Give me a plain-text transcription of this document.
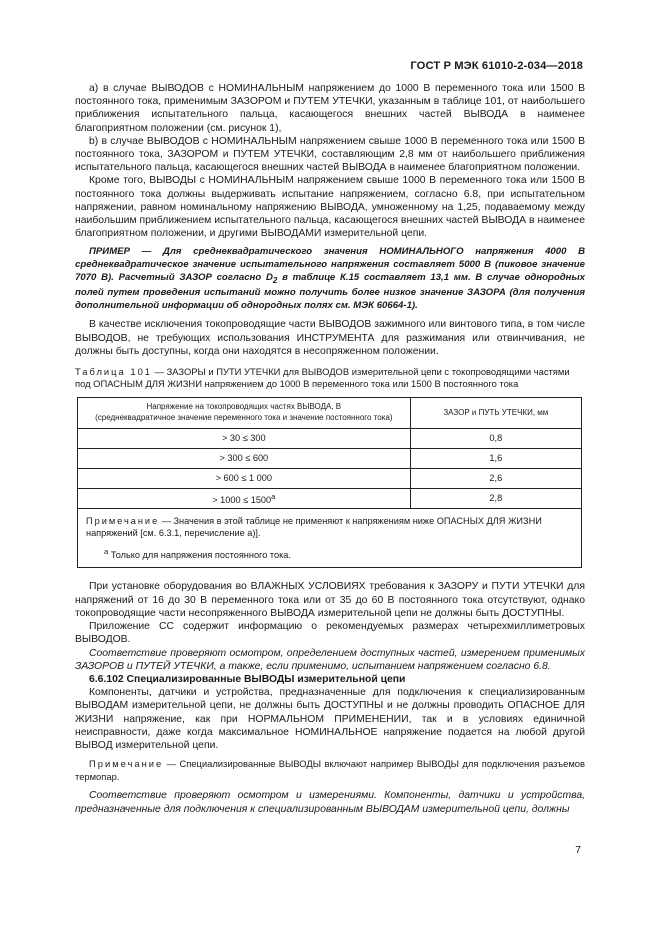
ГОСТ Р МЭК 61010-2-034—2018

а) в случае ВЫВОДОВ с НОМИНАЛЬНЫМ напряжением до 1000 В переменного тока или 1500 В постоянного тока, применимым ЗАЗОРОМ и ПУТЕМ УТЕЧКИ, указанным в таблице 101, от наибольшего приближения испытательного пальца, касающегося внешних частей ВЫВОДА в наименее благоприятном положении (см. рисунок 1),

b) в случае ВЫВОДОВ с НОМИНАЛЬНЫМ напряжением свыше 1000 В переменного тока или 1500 В постоянного тока, ЗАЗОРОМ и ПУТЕМ УТЕЧКИ, составляющим 2,8 мм от наибольшего приближения испытательного пальца, касающегося внешних частей ВЫВОДА в наименее благоприятном положении.

Кроме того, ВЫВОДЫ с НОМИНАЛЬНЫМ напряжением свыше 1000 В переменного тока или 1500 В постоянного тока должны выдерживать испытание напряжением, согласно 6.8, при испытательном напряжении, равном номинальному напряжению ВЫВОДА, умноженному на 1,25, подаваемому между наибольшим приближением испытательного пальца, касающегося внешних частей ВЫВОДА в наименее благоприятном положении, и другими ВЫВОДАМИ измерительной цепи.

ПРИМЕР — Для среднеквадратического значения НОМИНАЛЬНОГО напряжения 4000 В среднеквадратическое значение испытательного напряжения составляет 5000 В (пиковое значение 7070 В). Расчетный ЗАЗОР согласно $D_2$ в таблице К.15 составляет 13,1 мм. В случае однородных полей путем проведения испытаний можно получить более низкое значение ЗАЗОРА (для получения дополнительной информации об однородных полях см. МЭК 60664-1).

В качестве исключения токопроводящие части ВЫВОДОВ зажимного или винтового типа, в том числе ВЫВОДОВ, не требующих использования ИНСТРУМЕНТА для разжимания или отвинчивания, не должны быть доступны, когда они находятся в несопряженном положении.

Таблица 101 — ЗАЗОРЫ и ПУТИ УТЕЧКИ для ВЫВОДОВ измерительной цепи с токопроводящими частями под ОПАСНЫМ ДЛЯ ЖИЗНИ напряжением до 1000 В переменного тока или 1500 В постоянного тока
Напряжение на токопроводящих частях ВЫВОДА, В
(среднеквадратичное значение переменного тока и значение постоянного тока)	ЗАЗОР и ПУТЬ УТЕЧКИ, мм
> 30 ≤ 300	0,8
> 300 ≤ 600	1,6
> 600 ≤ 1 000	2,6
> $1000 \le 1500^a$	2,8

Примечание — Значения в этой таблице не применяют к напряжениям ниже ОПАСНЫХ ДЛЯ ЖИЗНИ напряжений [см. 6.3.1, перечисление а)].
$^a$ Только для напряжения постоянного тока.	

При установке оборудования во ВЛАЖНЫХ УСЛОВИЯХ требования к ЗАЗОРУ и ПУТИ УТЕЧКИ для напряжений от 16 до 30 В переменного тока или от 35 до 60 В постоянного тока отсутствуют, однако токопроводящие части несопряженного ВЫВОДА измерительной цепи не должны быть ДОСТУПНЫ.

Приложение СС содержит информацию о рекомендуемых размерах четырехмиллиметровых ВЫВОДОВ.

Соответствие проверяют осмотром, определением доступных частей, измерением применимых ЗАЗОРОВ и ПУТЕЙ УТЕЧКИ, а также, если применимо, испытанием напряжением согласно 6.8.

6.6.102 Специализированные ВЫВОДЫ измерительной цепи

Компоненты, датчики и устройства, предназначенные для подключения к специализированным ВЫВОДАМ измерительной цепи, не должны быть ДОСТУПНЫ и не должны проводить ОПАСНОЕ ДЛЯ ЖИЗНИ напряжение, как при НОРМАЛЬНОМ ПРИМЕНЕНИИ, так и в условиях единичной неисправности, даже когда максимальное НОМИНАЛЬНОЕ напряжение подается на любой другой ВЫВОД измерительной цепи.

Примечание — Специализированные ВЫВОДЫ включают например ВЫВОДЫ для подключения разъемов термопар.

Соответствие проверяют осмотром и измерениями. Компоненты, датчики и устройства, предназначенные для подключения к специализированным ВЫВОДАМ измерительной цепи, должны

7
